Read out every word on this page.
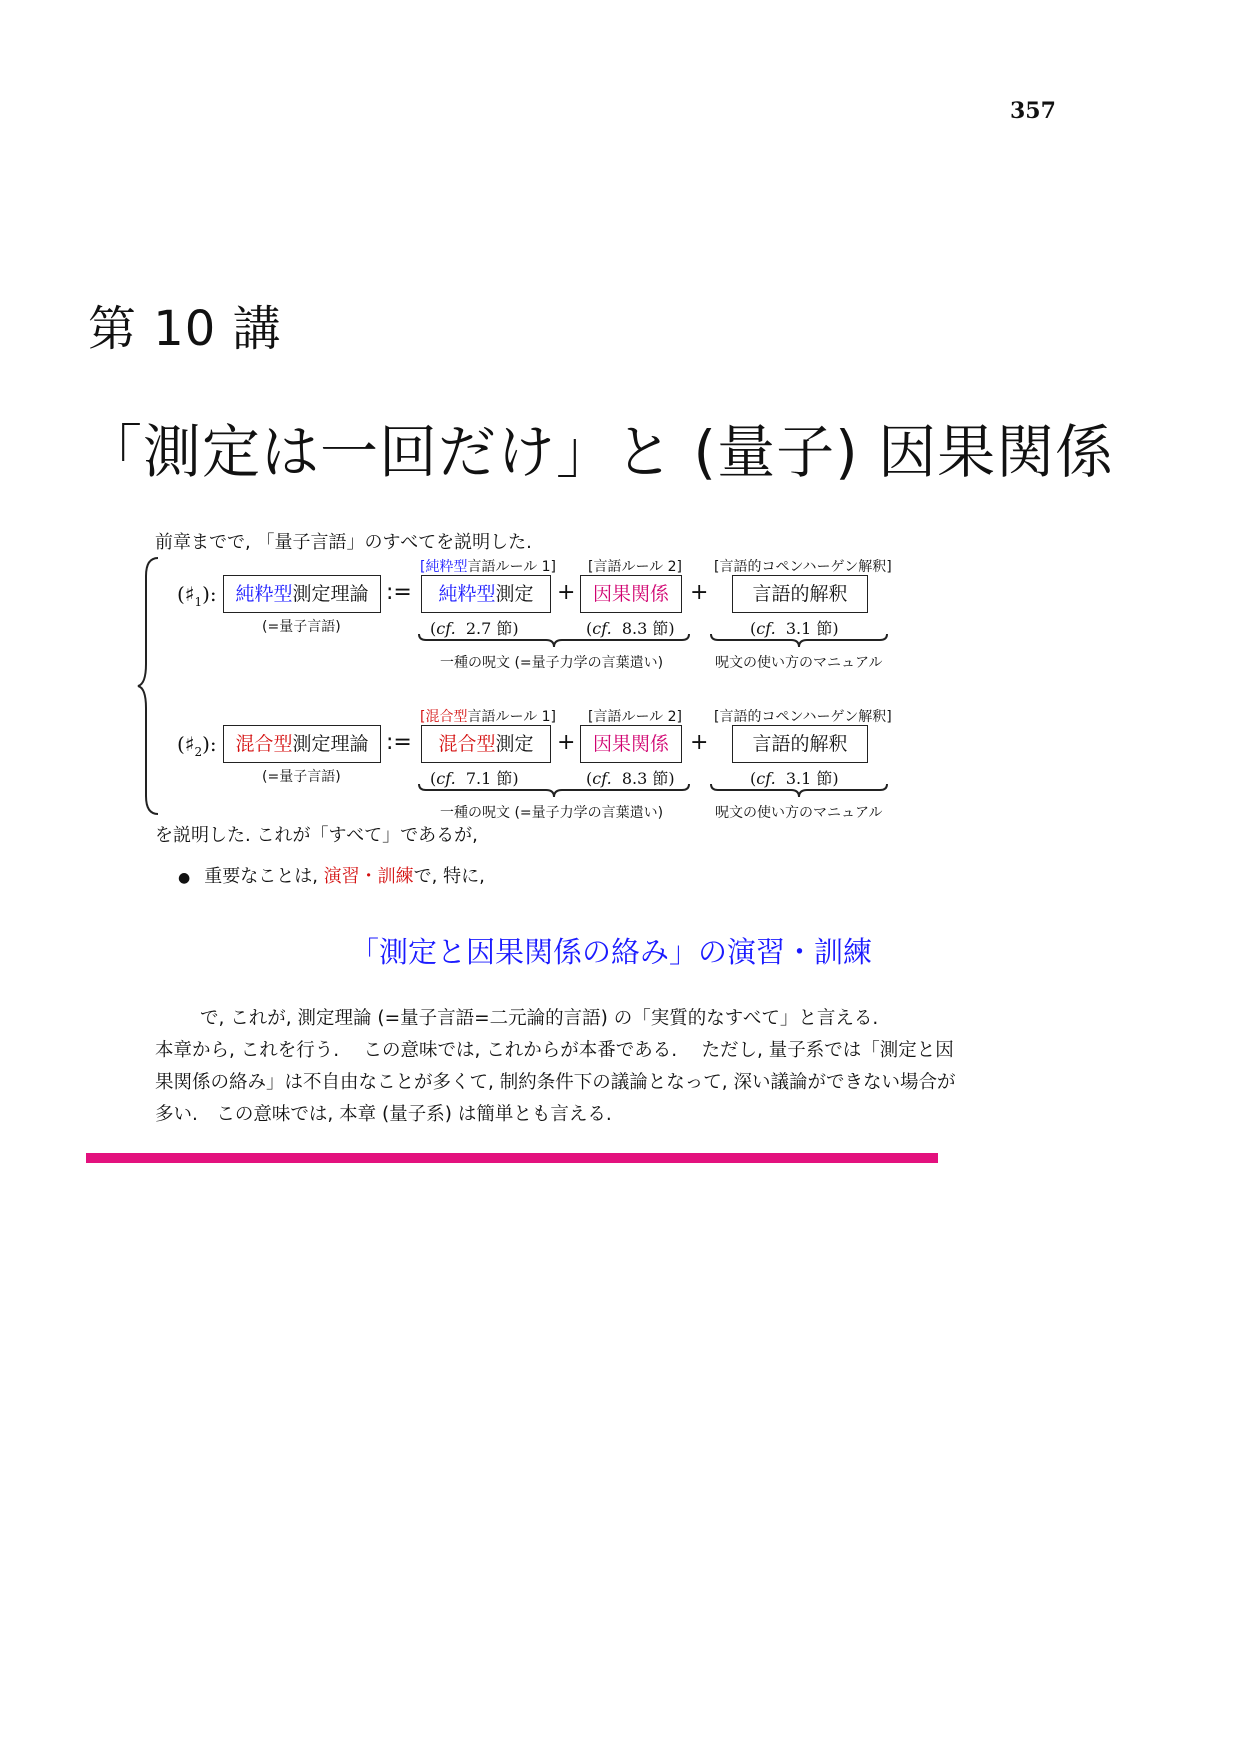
357
第 10 講
「測定は一回だけ」と (量子) 因果関係
前章までで, 「量子言語」のすべてを説明した.
$(♯_1)$: 純粋型測定理論
(=量子言語)
:=
[純粋型言語ルール 1]
純粋型測定
(cf. 2.7 節)
+
[言語ルール 2]
因果関係
(cf. 8.3 節)
+
[言語的コペンハーゲン解釈]
言語的解釈
(cf. 3.1 節)
一種の呪文 (=量子力学の言葉遣い)	呪文の使い方のマニュアル
$(♯_2)$: 混合型測定理論
(=量子言語)
:=
[混合型言語ルール 1]
混合型測定
(cf. 7.1 節)
+
[言語ルール 2]
因果関係
(cf. 8.3 節)
+
[言語的コペンハーゲン解釈]
言語的解釈
(cf. 3.1 節)
一種の呪文 (=量子力学の言葉遣い)	呪文の使い方のマニュアル
を説明した. これが「すべて」であるが,
● 重要なことは, 演習・訓練で, 特に,
「測定と因果関係の絡み」の演習・訓練
で, これが, 測定理論 (=量子言語=二元論的言語) の「実質的なすべて」と言える.
本章から, これを行う.　 この意味では, これからが本番である.　 ただし, 量子系では「測定と因
果関係の絡み」は不自由なことが多くて, 制約条件下の議論となって, 深い議論ができない場合が
多い.　この意味では, 本章 (量子系) は簡単とも言える.
